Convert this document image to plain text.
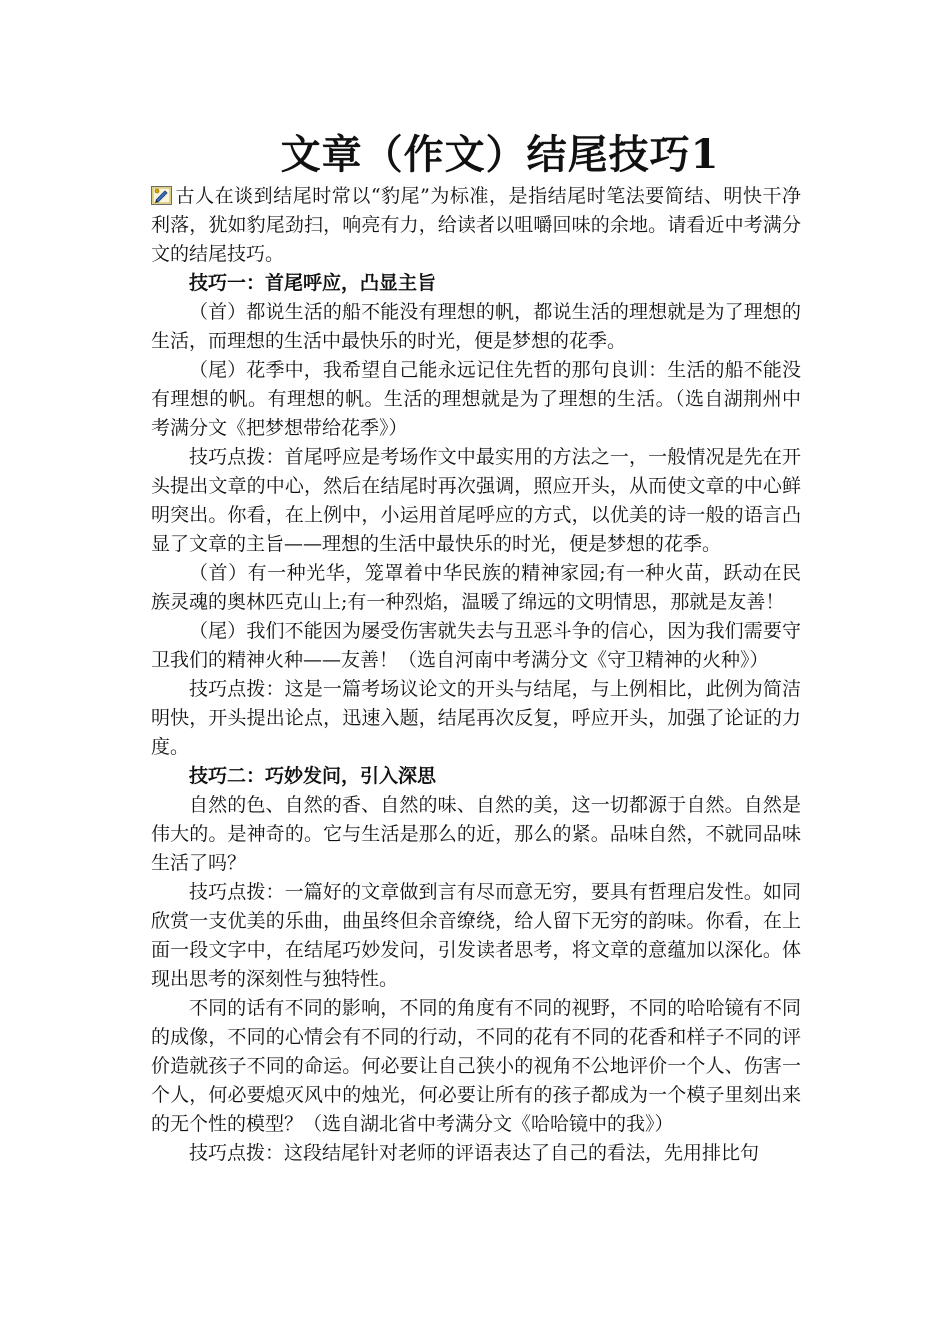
文章（作文）结尾技巧1

古人在谈到结尾时常以“豹尾”为标准，是指结尾时笔法要简结、明快干净利落，犹如豹尾劲扫，响亮有力，给读者以咀嚼回味的余地。请看近中考满分文的结尾技巧。

技巧一：首尾呼应，凸显主旨

（首）都说生活的船不能没有理想的帆，都说生活的理想就是为了理想的生活，而理想的生活中最快乐的时光，便是梦想的花季。

（尾）花季中，我希望自己能永远记住先哲的那句良训：生活的船不能没有理想的帆。有理想的帆。生活的理想就是为了理想的生活。（选自湖荆州中考满分文《把梦想带给花季》）

技巧点拨：首尾呼应是考场作文中最实用的方法之一，一般情况是先在开头提出文章的中心，然后在结尾时再次强调，照应开头，从而使文章的中心鲜明突出。你看，在上例中，小运用首尾呼应的方式，以优美的诗一般的语言凸显了文章的主旨——理想的生活中最快乐的时光，便是梦想的花季。

（首）有一种光华，笼罩着中华民族的精神家园;有一种火苗，跃动在民族灵魂的奥林匹克山上;有一种烈焰，温暖了绵远的文明情思，那就是友善！

（尾）我们不能因为屡受伤害就失去与丑恶斗争的信心，因为我们需要守卫我们的精神火种——友善！（选自河南中考满分文《守卫精神的火种》）

技巧点拨：这是一篇考场议论文的开头与结尾，与上例相比，此例为简洁明快，开头提出论点，迅速入题，结尾再次反复，呼应开头，加强了论证的力度。

技巧二：巧妙发问，引入深思

自然的色、自然的香、自然的味、自然的美，这一切都源于自然。自然是伟大的。是神奇的。它与生活是那么的近，那么的紧。品味自然，不就同品味生活了吗？

技巧点拨：一篇好的文章做到言有尽而意无穷，要具有哲理启发性。如同欣赏一支优美的乐曲，曲虽终但余音缭绕，给人留下无穷的韵味。你看，在上面一段文字中，在结尾巧妙发问，引发读者思考，将文章的意蕴加以深化。体现出思考的深刻性与独特性。

不同的话有不同的影响，不同的角度有不同的视野，不同的哈哈镜有不同的成像，不同的心情会有不同的行动，不同的花有不同的花香和样子不同的评价造就孩子不同的命运。何必要让自己狭小的视角不公地评价一个人、伤害一个人，何必要熄灭风中的烛光，何必要让所有的孩子都成为一个模子里刻出来的无个性的模型？（选自湖北省中考满分文《哈哈镜中的我》）

技巧点拨：这段结尾针对老师的评语表达了自己的看法，先用排比句
